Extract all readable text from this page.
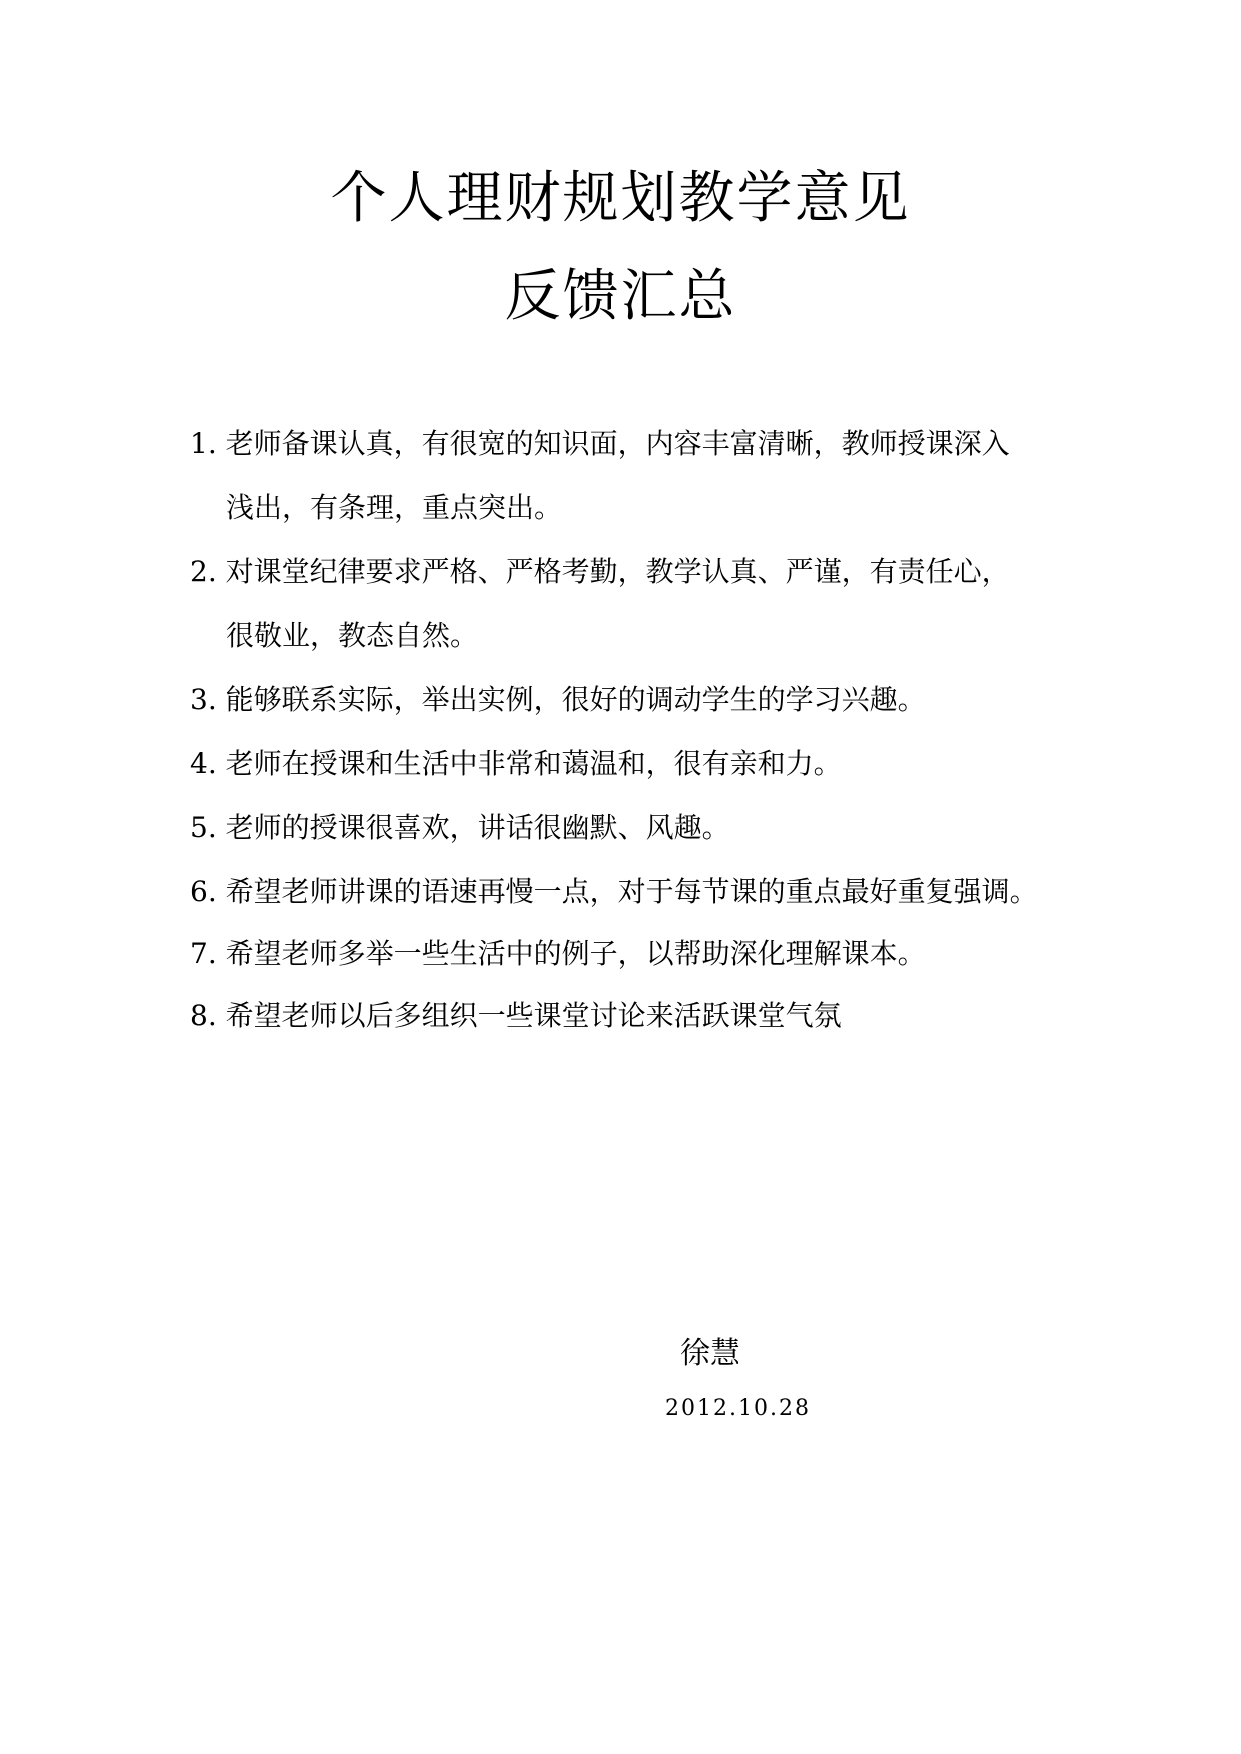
个人理财规划教学意见
反馈汇总
1. 老师备课认真，有很宽的知识面，内容丰富清晰，教师授课深入
浅出，有条理，重点突出。
2. 对课堂纪律要求严格、严格考勤，教学认真、严谨，有责任心，
很敬业，教态自然。
3. 能够联系实际，举出实例，很好的调动学生的学习兴趣。
4. 老师在授课和生活中非常和蔼温和，很有亲和力。
5. 老师的授课很喜欢，讲话很幽默、风趣。
6. 希望老师讲课的语速再慢一点，对于每节课的重点最好重复强调。
7. 希望老师多举一些生活中的例子，以帮助深化理解课本。
8. 希望老师以后多组织一些课堂讨论来活跃课堂气氛
徐慧
2012.10.28
